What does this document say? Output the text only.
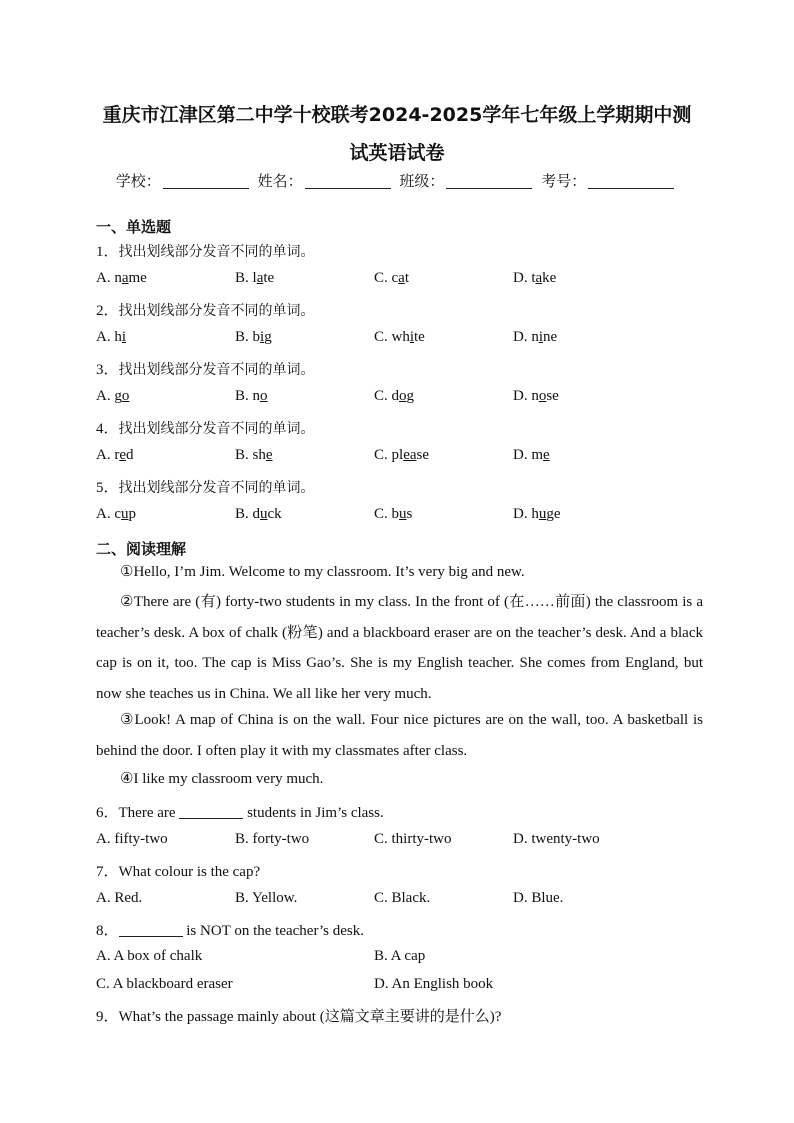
重庆市江津区第二中学十校联考2024-2025学年七年级上学期期中测
试英语试卷
学校：	姓名：	班级：	考号：
一、单选题
1．找出划线部分发音不同的单词。
A. name	B. late	C. cat	D. take
2．找出划线部分发音不同的单词。
A. hi	B. big	C. white	D. nine
3．找出划线部分发音不同的单词。
A. go	B. no	C. dog	D. nose
4．找出划线部分发音不同的单词。
A. red	B. she	C. please	D. me
5．找出划线部分发音不同的单词。
A. cup	B. duck	C. bus	D. huge
二、阅读理解

①Hello, I’m Jim. Welcome to my classroom. It’s very big and new.

②There are (有) forty-two students in my class. In the front of (在……前面) the classroom is a teacher’s desk. A box of chalk (粉笔) and a blackboard eraser are on the teacher’s desk. And a black cap is on it, too. The cap is Miss Gao’s. She is my English teacher. She comes from England, but now she teaches us in China. We all like her very much.

③Look! A map of China is on the wall. Four nice pictures are on the wall, too. A basketball is behind the door. I often play it with my classmates after class.

④I like my classroom very much.

6．There are	students in Jim’s class.
A. fifty-two	B. forty-two	C. thirty-two	D. twenty-two
7．What colour is the cap?
A. Red.	B. Yellow.	C. Black.	D. Blue.
8．	is NOT on the teacher’s desk.
A. A box of chalk	B. A cap
C. A blackboard eraser	D. An English book
9．What’s the passage mainly about (这篇文章主要讲的是什么)?
